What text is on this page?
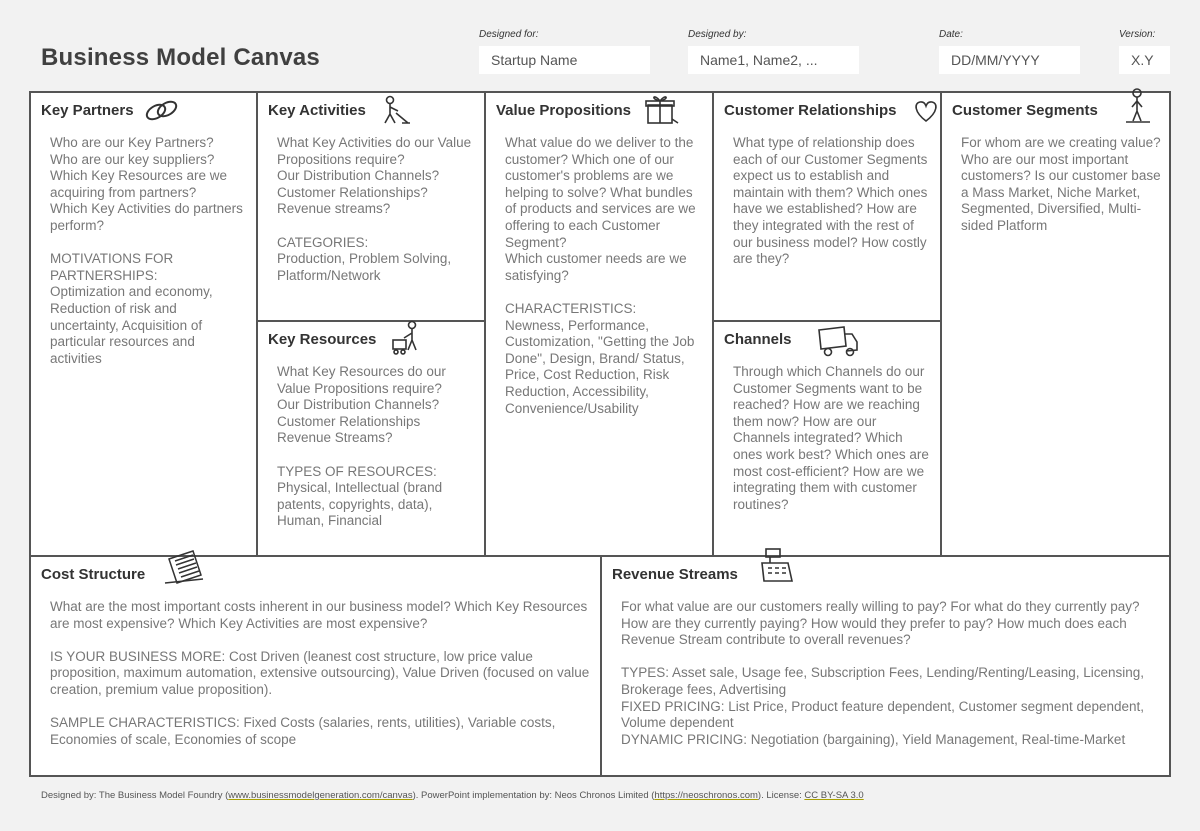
Business Model Canvas
Designed for:
Startup Name
Designed by:
Name1, Name2, ...
Date:
DD/MM/YYYY
Version:
X.Y
Key Partners
Who are our Key Partners?
Who are our key suppliers?
Which Key Resources are we acquiring from partners?
Which Key Activities do partners perform?

MOTIVATIONS FOR PARTNERSHIPS:
Optimization and economy,
Reduction of risk and uncertainty, Acquisition of particular resources and activities
Key Activities
What Key Activities do our Value Propositions require?
Our Distribution Channels?
Customer Relationships?
Revenue streams?

CATEGORIES:
Production, Problem Solving, Platform/Network
Key Resources
What Key Resources do our Value Propositions require?
Our Distribution Channels?
Customer Relationships
Revenue Streams?

TYPES OF RESOURCES:
Physical, Intellectual (brand patents, copyrights, data),
Human, Financial
Value Propositions
What value do we deliver to the customer? Which one of our customer's problems are we helping to solve? What bundles of products and services are we offering to each Customer Segment?
Which customer needs are we satisfying?

CHARACTERISTICS:
Newness, Performance, Customization, "Getting the Job Done", Design, Brand/ Status, Price, Cost Reduction, Risk Reduction, Accessibility, Convenience/Usability
Customer Relationships
What type of relationship does each of our Customer Segments expect us to establish and maintain with them? Which ones have we established? How are they integrated with the rest of our business model? How costly are they?
Channels
Through which Channels do our Customer Segments want to be reached? How are we reaching them now? How are our Channels integrated? Which ones work best? Which ones are most cost-efficient? How are we integrating them with customer routines?
Customer Segments
For whom are we creating value? Who are our most important customers? Is our customer base a Mass Market, Niche Market, Segmented, Diversified, Multi-sided Platform
Cost Structure
What are the most important costs inherent in our business model? Which Key Resources are most expensive? Which Key Activities are most expensive?

IS YOUR BUSINESS MORE: Cost Driven (leanest cost structure, low price value proposition, maximum automation, extensive outsourcing), Value Driven (focused on value creation, premium value proposition).

SAMPLE CHARACTERISTICS: Fixed Costs (salaries, rents, utilities), Variable costs, Economies of scale, Economies of scope
Revenue Streams
For what value are our customers really willing to pay? For what do they currently pay? How are they currently paying? How would they prefer to pay? How much does each Revenue Stream contribute to overall revenues?

TYPES: Asset sale, Usage fee, Subscription Fees, Lending/Renting/Leasing, Licensing, Brokerage fees, Advertising
FIXED PRICING: List Price, Product feature dependent, Customer segment dependent, Volume dependent
DYNAMIC PRICING: Negotiation (bargaining), Yield Management, Real-time-Market
Designed by: The Business Model Foundry (www.businessmodelgeneration.com/canvas). PowerPoint implementation by: Neos Chronos Limited (https://neoschronos.com). License: CC BY-SA 3.0
